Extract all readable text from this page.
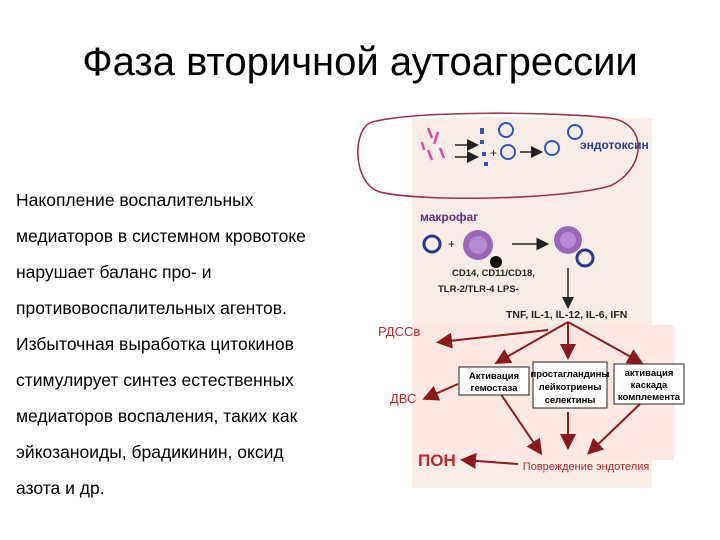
Фаза вторичной аутоагрессии
Накопление воспалительных
медиаторов в системном кровотоке
нарушает баланс про- и
противовоспалительных агентов.
Избыточная выработка цитокинов
стимулирует синтез естественных
медиаторов воспаления, таких как
эйкозаноиды, брадикинин, оксид
азота и др.
+
эндотоксин
макрофаг
+
CD14, CD11/CD18,
TLR-2/TLR-4 LPS-
TNF, IL-1, IL-12, IL-6, IFN
РДССв
ДВС
ПОН
Активация
гемостаза
простагландины
лейкотриены
селектины
активация
каскада
комплемента
Повреждение эндотелия
